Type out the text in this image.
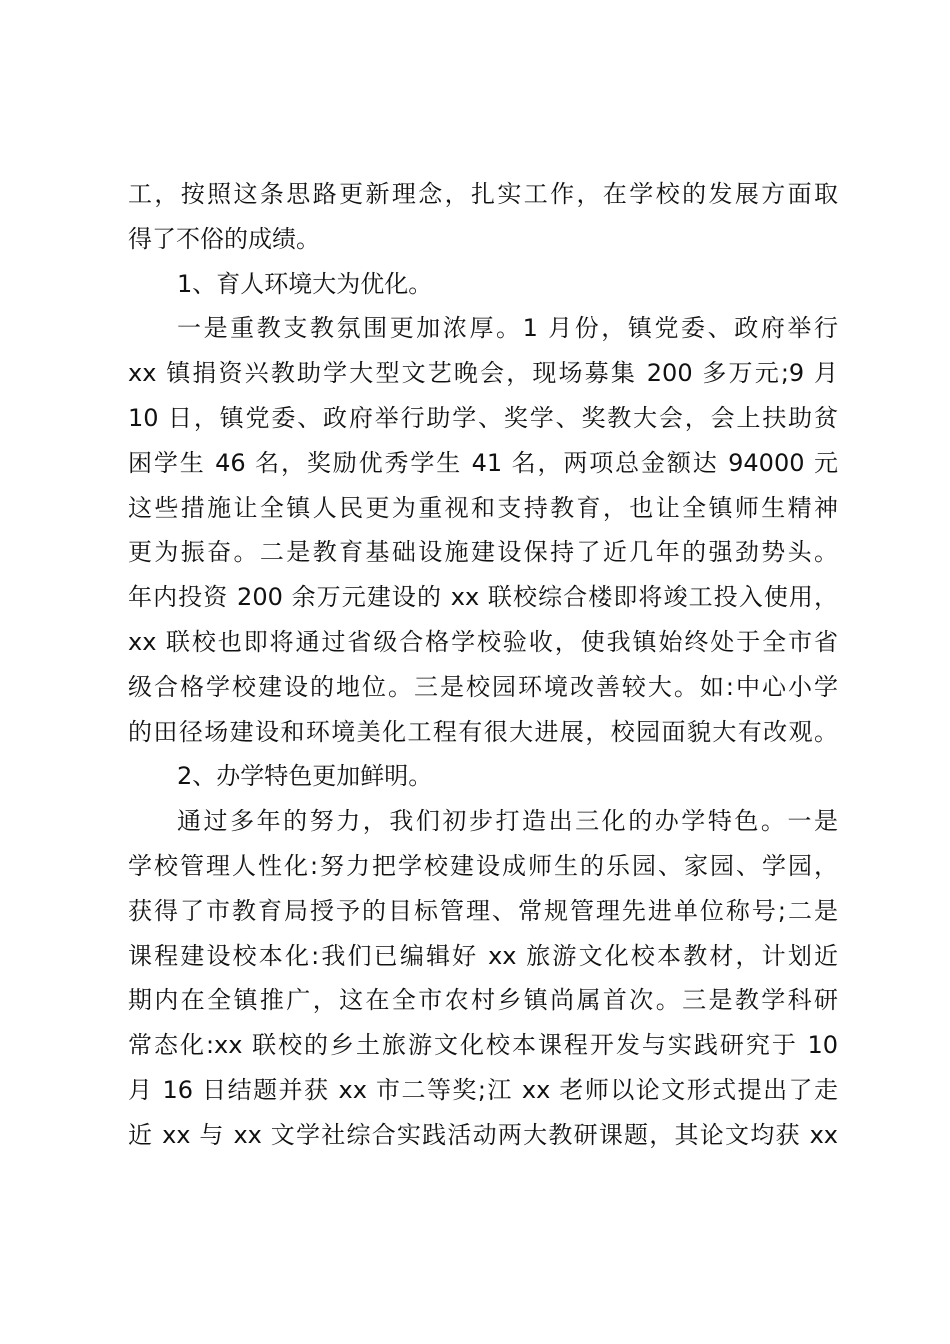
工，按照这条思路更新理念，扎实工作，在学校的发展方面取
得了不俗的成绩。
1、育人环境大为优化。
一是重教支教氛围更加浓厚。1 月份，镇党委、政府举行
xx 镇捐资兴教助学大型文艺晚会，现场募集 200 多万元;9 月
10 日，镇党委、政府举行助学、奖学、奖教大会，会上扶助贫
困学生 46 名，奖励优秀学生 41 名，两项总金额达 94000 元
这些措施让全镇人民更为重视和支持教育，也让全镇师生精神
更为振奋。二是教育基础设施建设保持了近几年的强劲势头。
年内投资 200 余万元建设的 xx 联校综合楼即将竣工投入使用，
xx 联校也即将通过省级合格学校验收，使我镇始终处于全市省
级合格学校建设的地位。三是校园环境改善较大。如:中心小学
的田径场建设和环境美化工程有很大进展，校园面貌大有改观。
2、办学特色更加鲜明。
通过多年的努力，我们初步打造出三化的办学特色。一是
学校管理人性化:努力把学校建设成师生的乐园、家园、学园，
获得了市教育局授予的目标管理、常规管理先进单位称号;二是
课程建设校本化:我们已编辑好 xx 旅游文化校本教材，计划近
期内在全镇推广，这在全市农村乡镇尚属首次。三是教学科研
常态化:xx 联校的乡土旅游文化校本课程开发与实践研究于 10
月 16 日结题并获 xx 市二等奖;江 xx 老师以论文形式提出了走
近 xx 与 xx 文学社综合实践活动两大教研课题，其论文均获 xx
